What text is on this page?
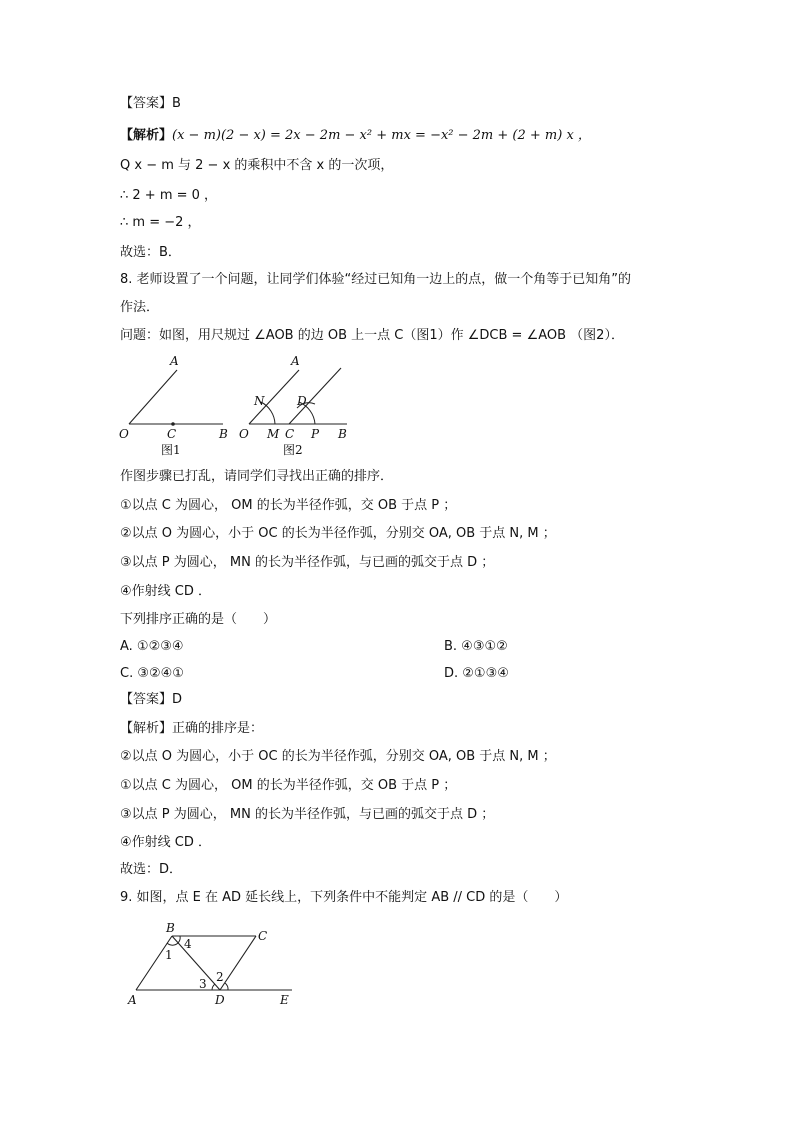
【答案】B
【解析】(x − m)(2 − x) = 2x − 2m − x² + mx = −x² − 2m + (2 + m) x ，
Q x − m 与 2 − x 的乘积中不含 x 的一次项，
∴ 2 + m = 0 ，
∴ m = −2 ，
故选：B．
8. 老师设置了一个问题，让同学们体验“经过已知角一边上的点，做一个角等于已知角”的
作法．
问题：如图，用尺规过 ∠AOB 的边 OB 上一点 C（图1）作 ∠DCB = ∠AOB （图2）．
A
O	C	B
图1
A
N	D
O M C P B
图2
作图步骤已打乱，请同学们寻找出正确的排序．
①以点 C 为圆心， OM 的长为半径作弧，交 OB 于点 P ；
②以点 O 为圆心，小于 OC 的长为半径作弧，分别交 OA, OB 于点 N, M ；
③以点 P 为圆心， MN 的长为半径作弧，与已画的弧交于点 D ；
④作射线 CD ．
下列排序正确的是（　　）
A. ①②③④	B. ④③①②
C. ③②④①	D. ②①③④
【答案】D
【解析】正确的排序是：
②以点 O 为圆心，小于 OC 的长为半径作弧，分别交 OA, OB 于点 N, M ；
①以点 C 为圆心， OM 的长为半径作弧，交 OB 于点 P ；
③以点 P 为圆心， MN 的长为半径作弧，与已画的弧交于点 D ；
④作射线 CD ．
故选：D．
9. 如图，点 E 在 AD 延长线上，下列条件中不能判定 AB // CD 的是（　　）
B
C
A	D	E
1
2
3
4
